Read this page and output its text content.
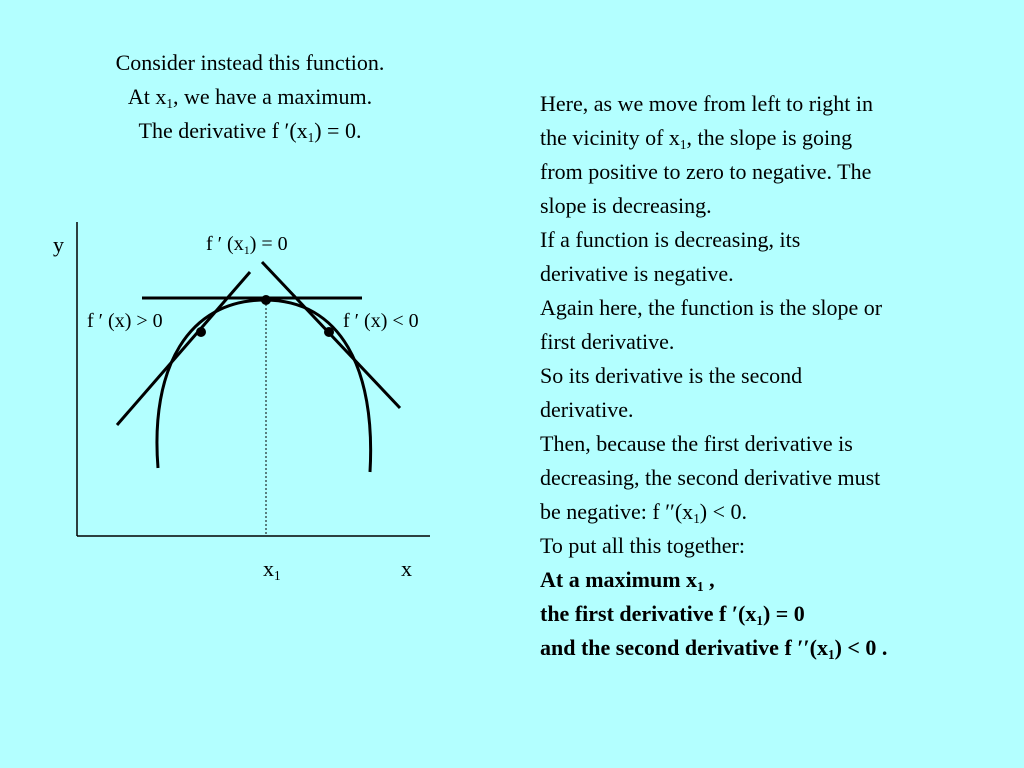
Consider instead this function.
At $x_1$, we have a maximum.
The derivative f $'(x_1) = 0$.
y
x
$x_1$
f ′ $(x_1) = 0$
f ′ (x) > 0	f ′ (x) < 0
Here, as we move from left to right in
the vicinity of $x_1$, the slope is going
from positive to zero to negative. The
slope is decreasing.
If a function is decreasing, its
derivative is negative.
Again here, the function is the slope or
first derivative.
So its derivative is the second
derivative.
Then, because the first derivative is
decreasing, the second derivative must
be negative: f $''(x_1) < 0$.
To put all this together:
At a maximum $x_1$ ,
the first derivative f $'(x_1) = 0$
and the second derivative f $''(x_1) < 0$ .
